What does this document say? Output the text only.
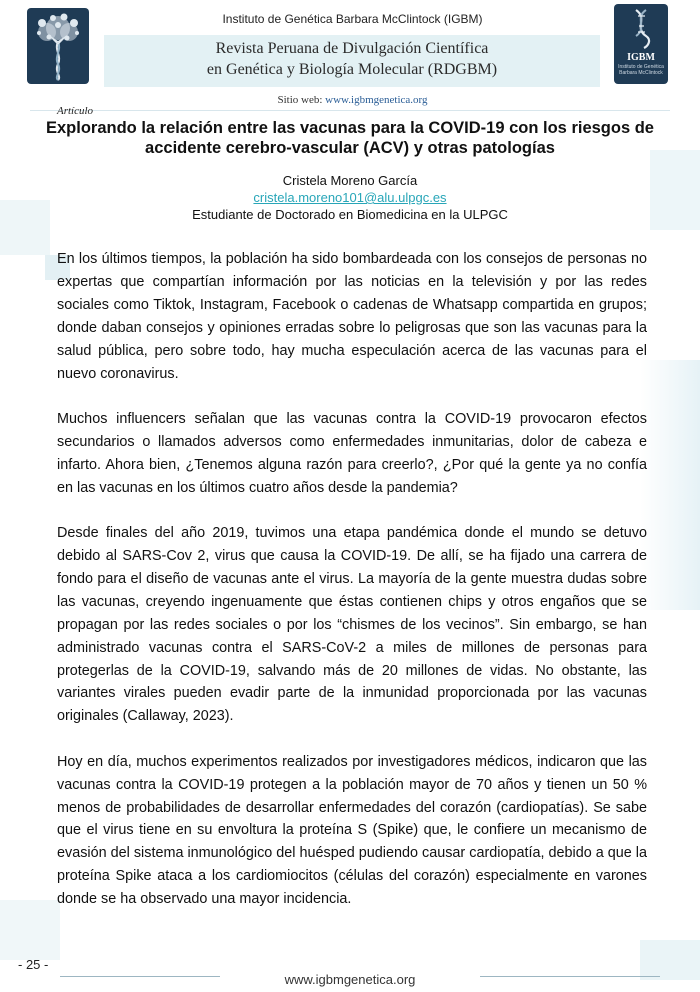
IGBM
Instituto de Genética Barbara McClintock
Instituto de Genética Barbara McClintock (IGBM)
Revista Peruana de Divulgación Científica
en Genética y Biología Molecular (RDGBM)
Sitio web: www.igbmgenetica.org
Artículo
Explorando la relación entre las vacunas para la COVID-19 con los riesgos de accidente cerebro-vascular (ACV) y otras patologías
Cristela Moreno García
cristela.moreno101@alu.ulpgc.es
Estudiante de Doctorado en Biomedicina en la ULPGC

En los últimos tiempos, la población ha sido bombardeada con los consejos de personas no expertas que compartían información por las noticias en la televisión y por las redes sociales como Tiktok, Instagram, Facebook o cadenas de Whatsapp compartida en grupos; donde daban consejos y opiniones erradas sobre lo peligrosas que son las vacunas para la salud pública, pero sobre todo, hay mucha especulación acerca de las vacunas para el nuevo coronavirus.

Muchos influencers señalan que las vacunas contra la COVID-19 provocaron efectos secundarios o llamados adversos como enfermedades inmunitarias, dolor de cabeza e infarto. Ahora bien, ¿Tenemos alguna razón para creerlo?, ¿Por qué la gente ya no confía en las vacunas en los últimos cuatro años desde la pandemia?

Desde finales del año 2019, tuvimos una etapa pandémica donde el mundo se detuvo debido al SARS-Cov 2, virus que causa la COVID-19. De allí, se ha fijado una carrera de fondo para el diseño de vacunas ante el virus. La mayoría de la gente muestra dudas sobre las vacunas, creyendo ingenuamente que éstas contienen chips y otros engaños que se propagan por las redes sociales o por los “chismes de los vecinos”. Sin embargo, se han administrado vacunas contra el SARS-CoV-2 a miles de millones de personas para protegerlas de la COVID-19, salvando más de 20 millones de vidas. No obstante, las variantes virales pueden evadir parte de la inmunidad proporcionada por las vacunas originales (Callaway, 2023).

Hoy en día, muchos experimentos realizados por investigadores médicos, indicaron que las vacunas contra la COVID-19 protegen a la población mayor de 70 años y tienen un 50 % menos de probabilidades de desarrollar enfermedades del corazón (cardiopatías). Se sabe que el virus tiene en su envoltura la proteína S (Spike) que, le confiere un mecanismo de evasión del sistema inmunológico del huésped pudiendo causar cardiopatía, debido a que la proteína Spike ataca a los cardiomiocitos (células del corazón) especialmente en varones donde se ha observado una mayor incidencia.

- 25 -
www.igbmgenetica.org
